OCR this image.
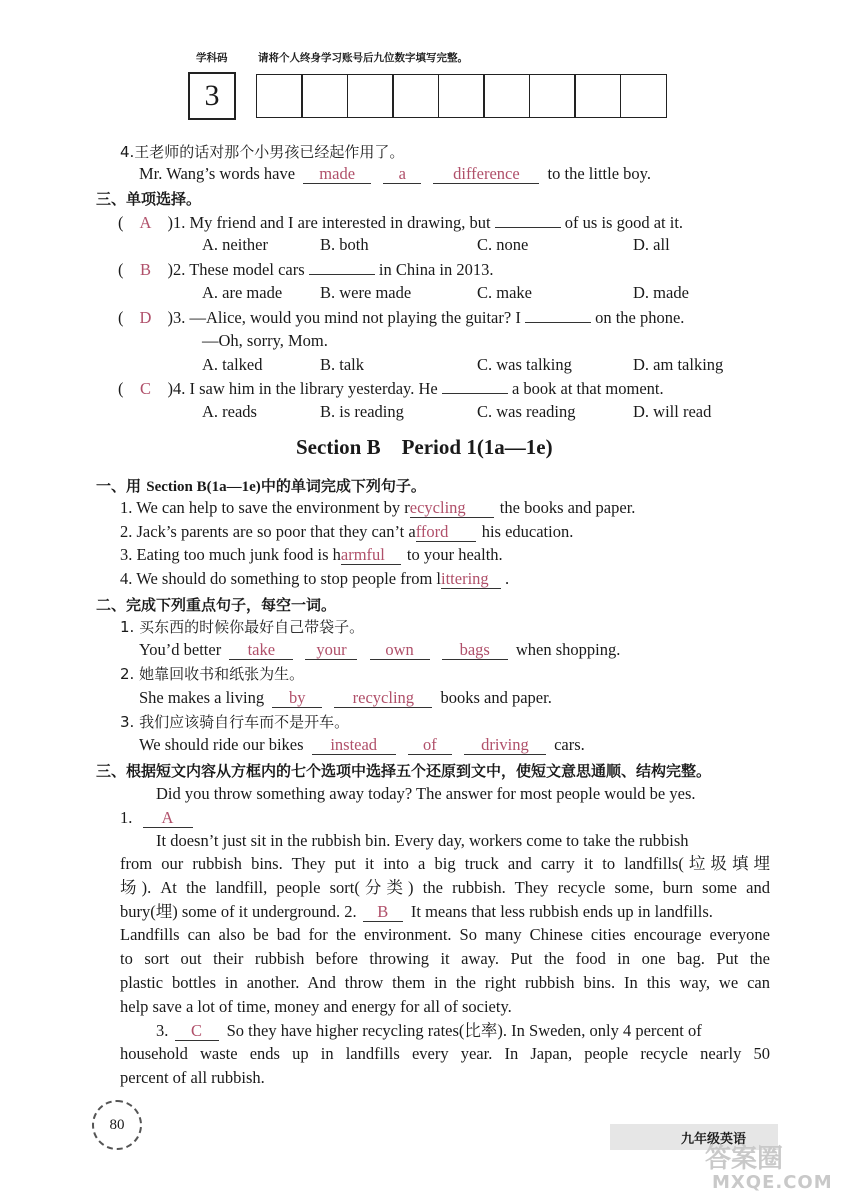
学科码	请将个人终身学习账号后九位数字填写完整。
3
4.王老师的话对那个小男孩已经起作用了。
Mr. Wang’s words have made	a	difference to the little boy.
三、单项选择。
( A )1. My friend and I are interested in drawing, but	of us is good at it.
A. neither	B. both	C. none	D. all
( B )2. These model cars	in China in 2013.
A. are made B. were made	C. make	D. made
( D )3. —Alice, would you mind not playing the guitar? I	on the phone.
—Oh, sorry, Mom.
A. talked	B. talk	C. was talking	D. am talking
( C )4. I saw him in the library yesterday. He	a book at that moment.
A. reads	B. is reading	C. was reading	D. will read
Section B    Period 1(1a—1e)
一、用 Section B(1a—1e)中的单词完成下列句子。
1. We can help to save the environment by recycling the books and paper.
2. Jack’s parents are so poor that they can’t afford his education.
3. Eating too much junk food is harmful to your health.
4. We should do something to stop people from littering .
二、完成下列重点句子，每空一词。
1. 买东西的时候你最好自己带袋子。
You’d better take	your own	bags when shopping.
2. 她靠回收书和纸张为生。
She makes a living by	recycling books and paper.
3. 我们应该骑自行车而不是开车。
We should ride our bikes instead	of	driving cars.
三、根据短文内容从方框内的七个选项中选择五个还原到文中，使短文意思通顺、结构完整。
Did you throw something away today? The answer for most people would be yes.
1. A
It doesn’t just sit in the rubbish bin. Every day, workers come to take the rubbish
from our rubbish bins. They put it into a big truck and carry it to landfills(垃圾填埋
场). At the landfill, people sort(分类) the rubbish. They recycle some, burn some and
bury(埋) some of it underground. 2. B It means that less rubbish ends up in landfills.
Landfills can also be bad for the environment. So many Chinese cities encourage everyone
to sort out their rubbish before throwing it away. Put the food in one bag. Put the
plastic bottles in another. And throw them in the right rubbish bins. In this way, we can
help save a lot of time, money and energy for all of society.
3. C So they have higher recycling rates(比率). In Sweden, only 4 percent of
household waste ends up in landfills every year. In Japan, people recycle nearly 50
percent of all rubbish.
80
九年级英语
答案圈
MXQE.COM
